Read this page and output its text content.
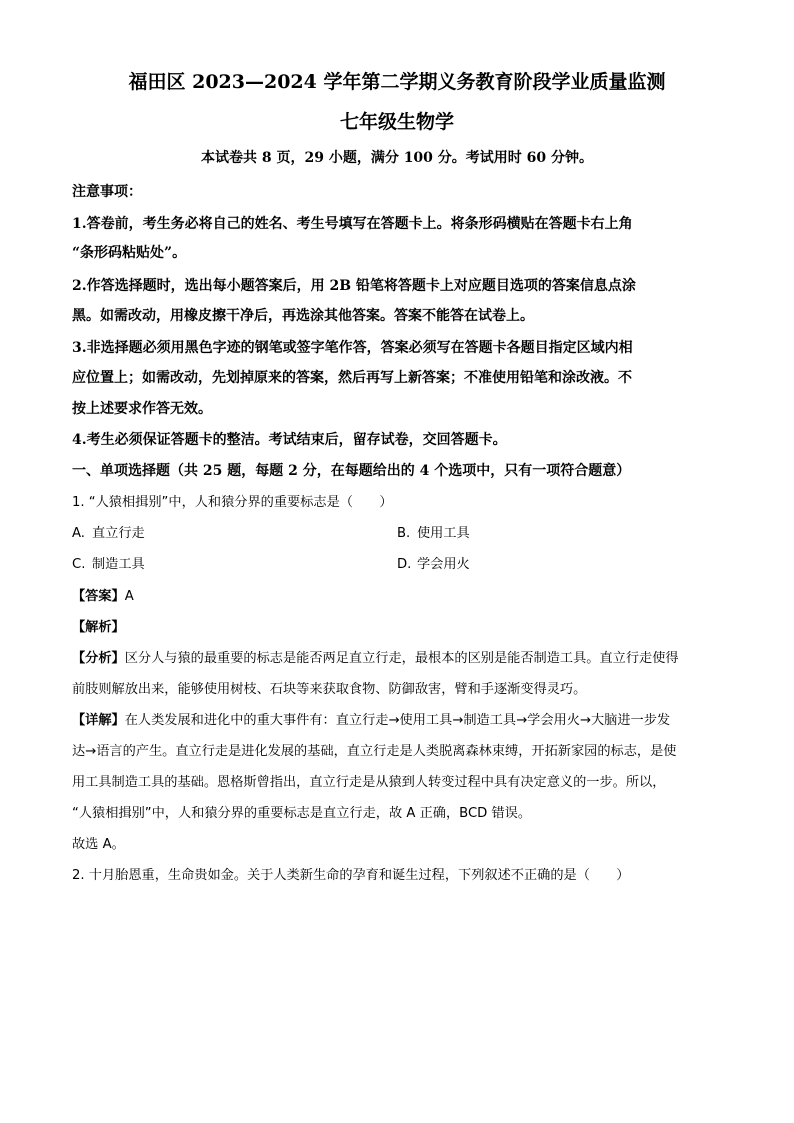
福田区 2023—2024 学年第二学期义务教育阶段学业质量监测
七年级生物学
本试卷共 8 页，29 小题，满分 100 分。考试用时 60 分钟。
注意事项：
1.答卷前，考生务必将自己的姓名、考生号填写在答题卡上。将条形码横贴在答题卡右上角
“条形码粘贴处”。
2.作答选择题时，选出每小题答案后，用 2B 铅笔将答题卡上对应题目选项的答案信息点涂
黑。如需改动，用橡皮擦干净后，再选涂其他答案。答案不能答在试卷上。
3.非选择题必须用黑色字迹的钢笔或签字笔作答，答案必须写在答题卡各题目指定区域内相
应位置上；如需改动，先划掉原来的答案，然后再写上新答案；不准使用铅笔和涂改液。不
按上述要求作答无效。
4.考生必须保证答题卡的整洁。考试结束后，留存试卷，交回答题卡。
一、单项选择题（共 25 题，每题 2 分，在每题给出的 4 个选项中，只有一项符合题意）
1. “人猿相揖别”中，人和猿分界的重要标志是（　　）
A. 直立行走	B. 使用工具
C. 制造工具	D. 学会用火
【答案】A
【解析】
【分析】区分人与猿的最重要的标志是能否两足直立行走，最根本的区别是能否制造工具。直立行走使得
前肢则解放出来，能够使用树枝、石块等来获取食物、防御敌害，臂和手逐渐变得灵巧。
【详解】在人类发展和进化中的重大事件有：直立行走→使用工具→制造工具→学会用火→大脑进一步发
达→语言的产生。直立行走是进化发展的基础，直立行走是人类脱离森林束缚，开拓新家园的标志，是使
用工具制造工具的基础。恩格斯曾指出，直立行走是从猿到人转变过程中具有决定意义的一步。所以，
“人猿相揖别”中，人和猿分界的重要标志是直立行走，故 A 正确，BCD 错误。
故选 A。
2. 十月胎恩重，生命贵如金。关于人类新生命的孕育和诞生过程，下列叙述不正确的是（　　）
